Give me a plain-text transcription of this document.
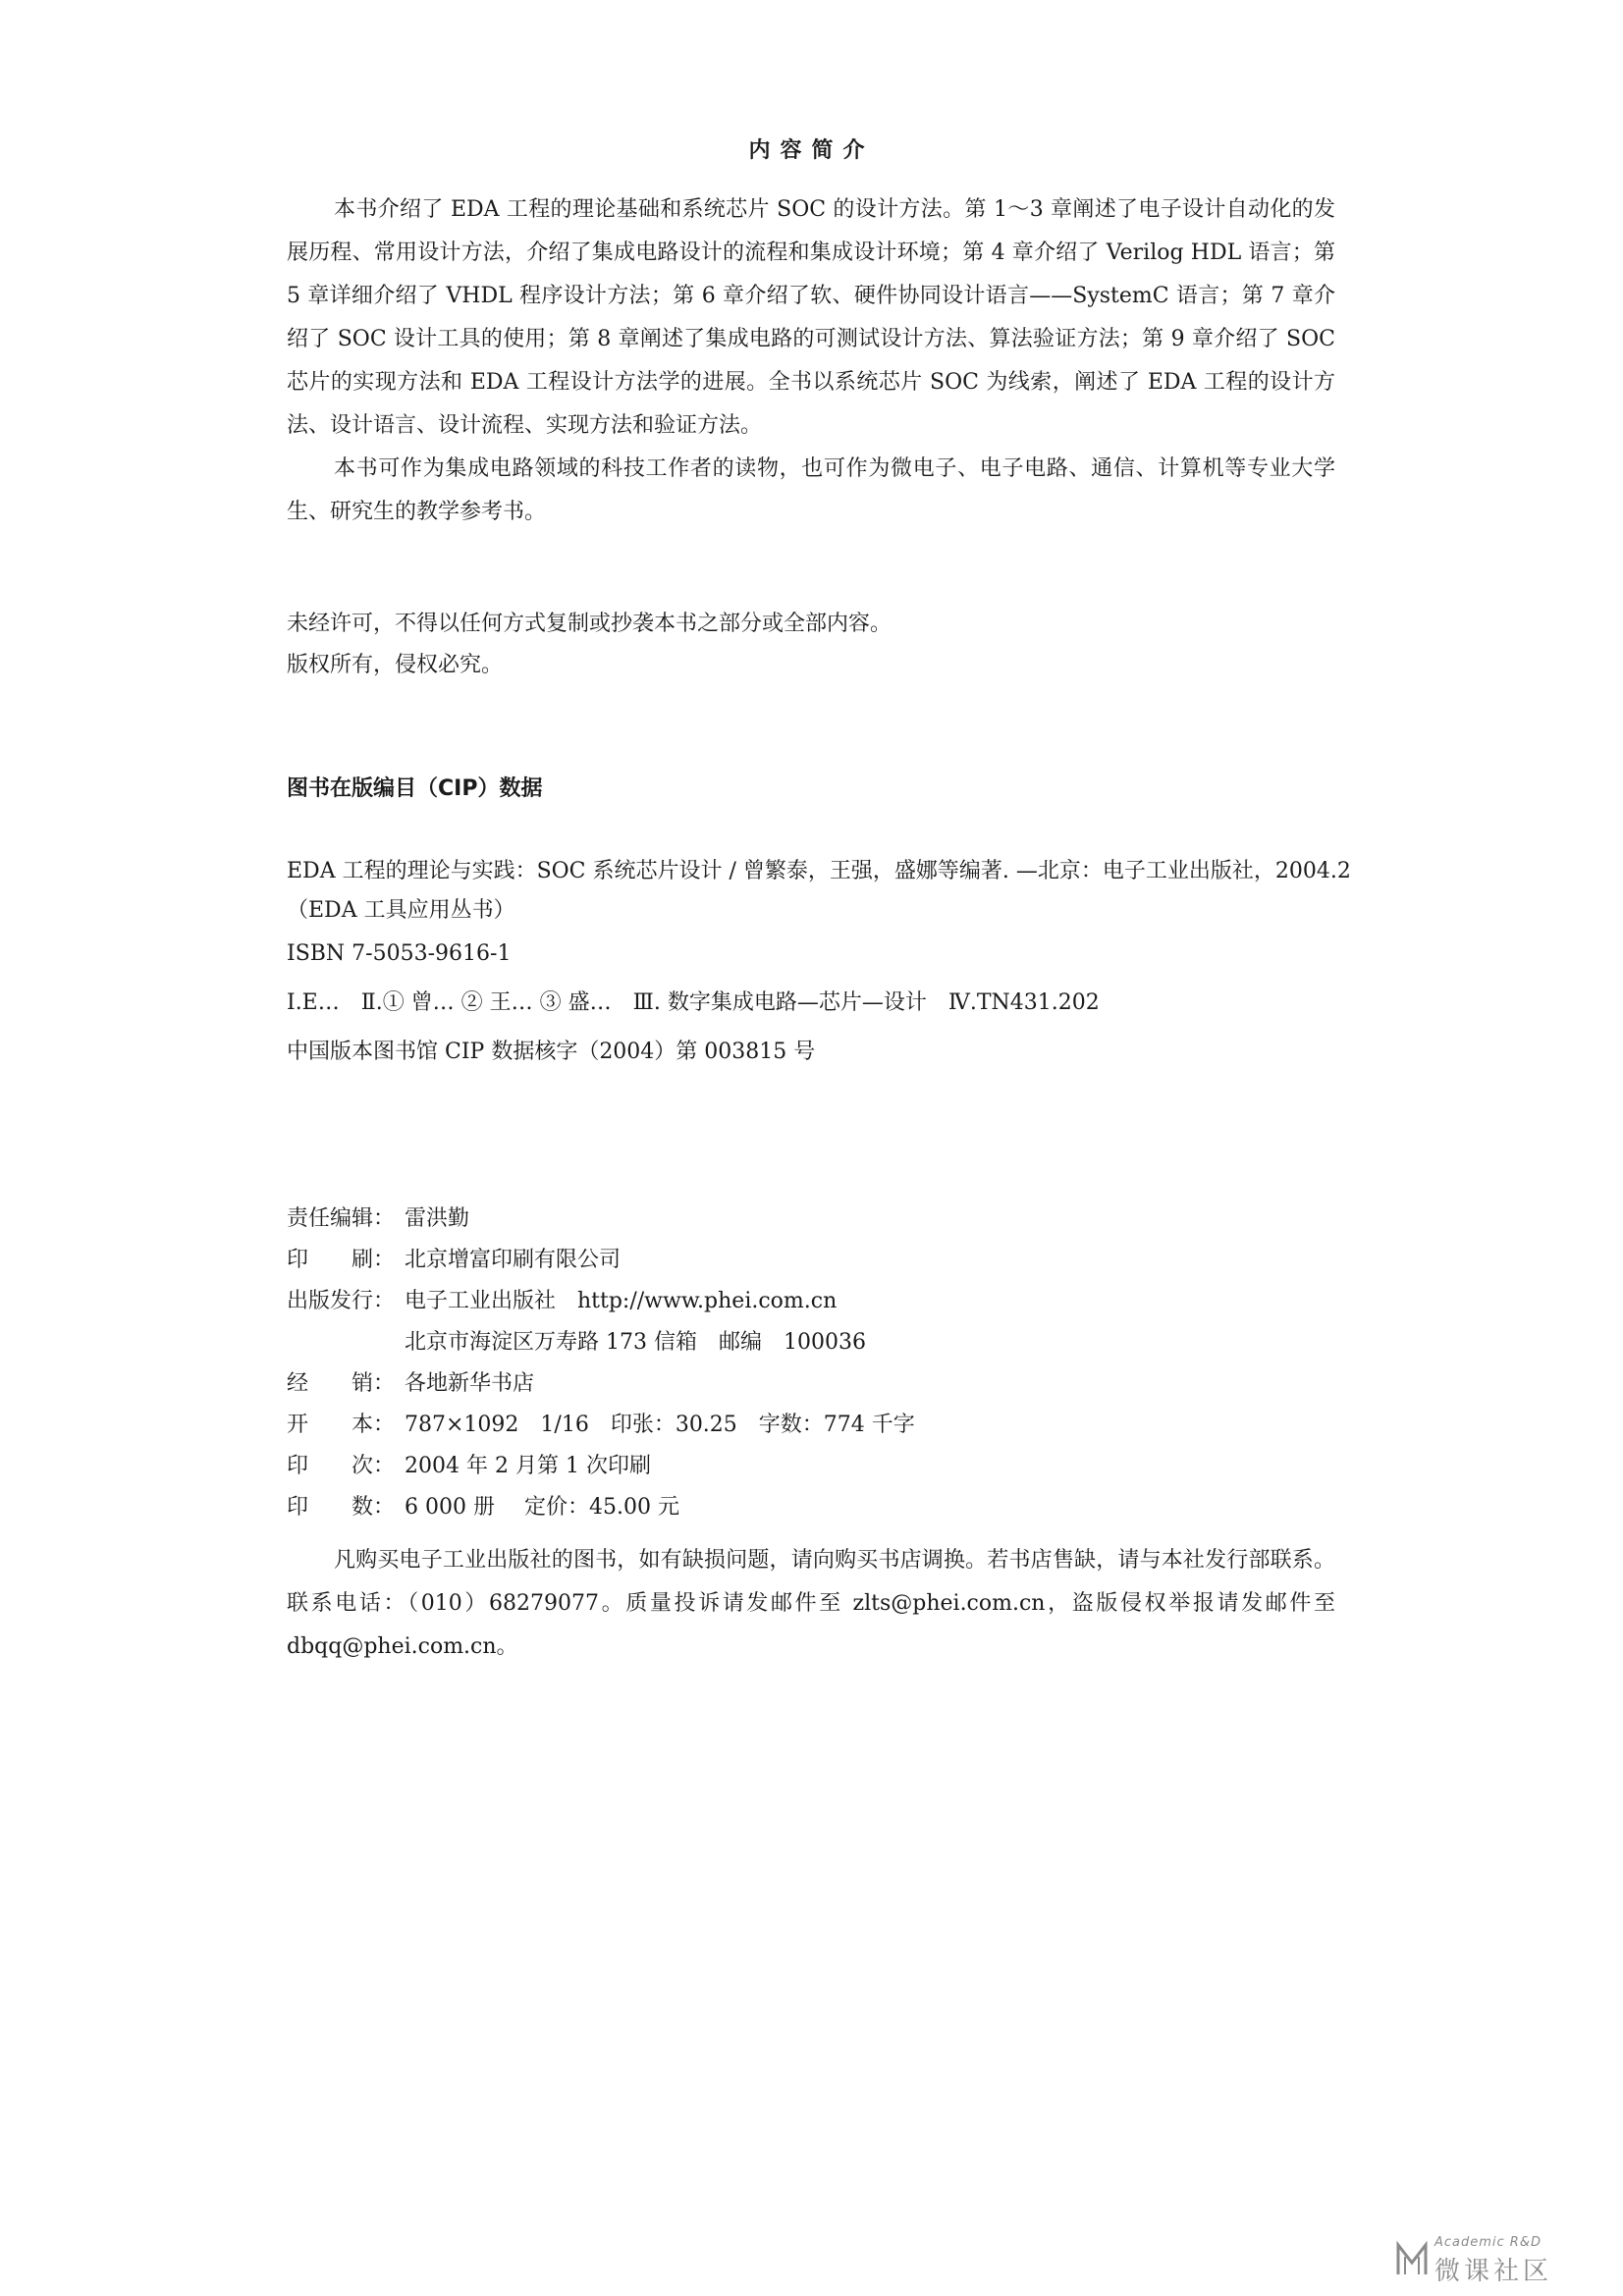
内容简介
本书介绍了 EDA 工程的理论基础和系统芯片 SOC 的设计方法。第 1～3 章阐述了电子设计自动化的发展历程、常用设计方法，介绍了集成电路设计的流程和集成设计环境；第 4 章介绍了 Verilog HDL 语言；第 5 章详细介绍了 VHDL 程序设计方法；第 6 章介绍了软、硬件协同设计语言——SystemC 语言；第 7 章介绍了 SOC 设计工具的使用；第 8 章阐述了集成电路的可测试设计方法、算法验证方法；第 9 章介绍了 SOC 芯片的实现方法和 EDA 工程设计方法学的进展。全书以系统芯片 SOC 为线索，阐述了 EDA 工程的设计方法、设计语言、设计流程、实现方法和验证方法。
本书可作为集成电路领域的科技工作者的读物，也可作为微电子、电子电路、通信、计算机等专业大学生、研究生的教学参考书。
未经许可，不得以任何方式复制或抄袭本书之部分或全部内容。
版权所有，侵权必究。
图书在版编目（CIP）数据
EDA 工程的理论与实践：SOC 系统芯片设计 / 曾繁泰，王强，盛娜等编著. —北京：电子工业出版社，2004.2
（EDA 工具应用丛书）
ISBN 7-5053-9616-1
Ⅰ.E…　Ⅱ.① 曾… ② 王… ③ 盛…　Ⅲ. 数字集成电路—芯片—设计　Ⅳ.TN431.202
中国版本图书馆 CIP 数据核字（2004）第 003815 号
责任编辑： 雷洪勤
印　　刷： 北京增富印刷有限公司
出版发行： 电子工业出版社　http://www.phei.com.cn
北京市海淀区万寿路 173 信箱　邮编　100036
经　　销： 各地新华书店
开　　本： 787×1092　1/16　印张：30.25　字数：774 千字
印　　次： 2004 年 2 月第 1 次印刷
印　　数： 6 000 册 定价：45.00 元
凡购买电子工业出版社的图书，如有缺损问题，请向购买书店调换。若书店售缺，请与本社发行部联系。联系电话：（010）68279077。质量投诉请发邮件至 zlts@phei.com.cn，盗版侵权举报请发邮件至 dbqq@phei.com.cn。
Academic R&D
微课社区
